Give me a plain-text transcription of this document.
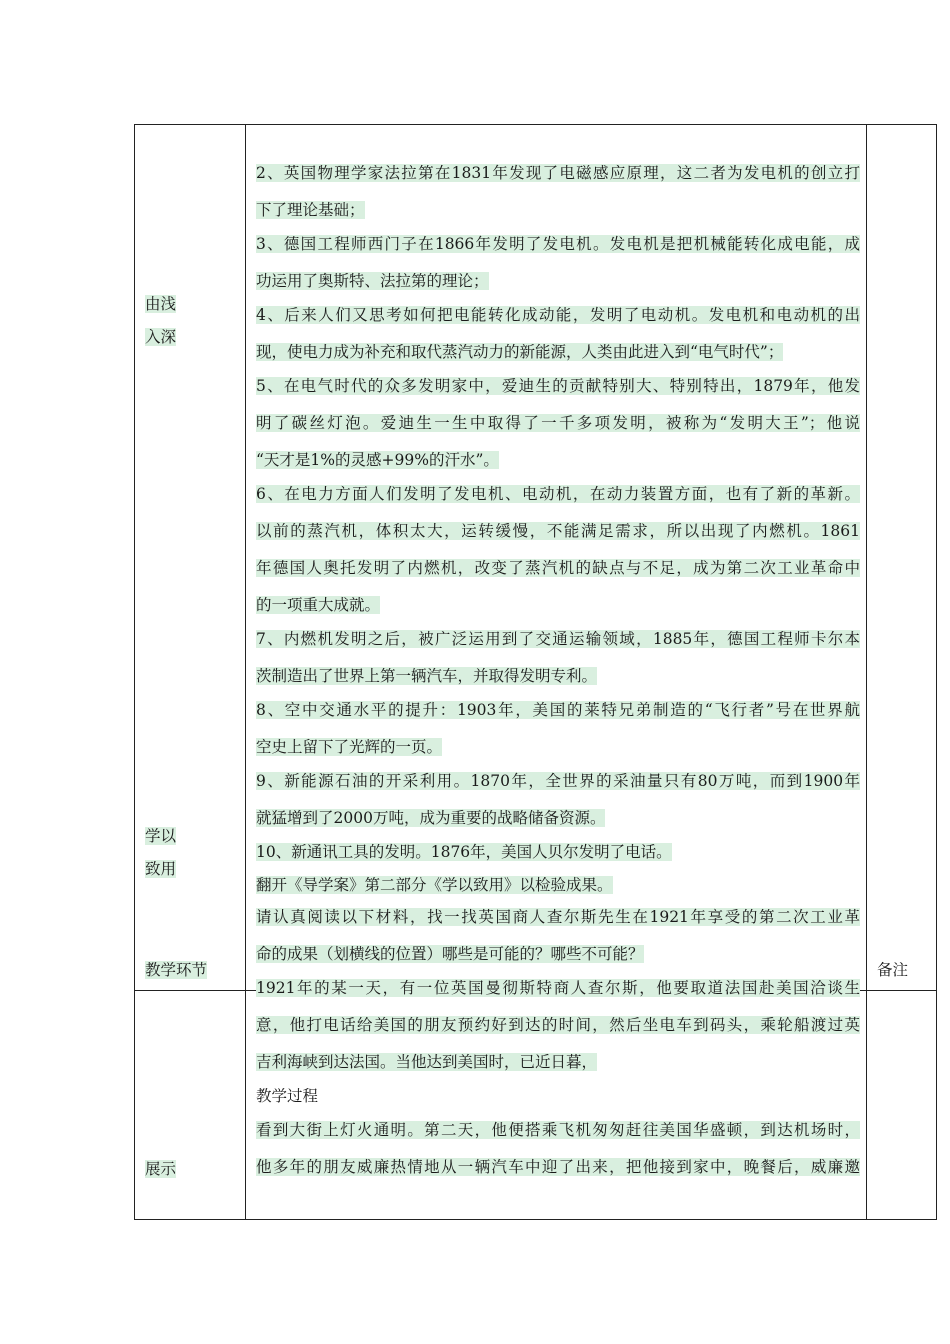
由浅
入深
学以
致用
教学环节
展示
备注
2、英国物理学家法拉第在1831年发现了电磁感应原理，这二者为发电机的创立打
下了理论基础；
3、德国工程师西门子在1866年发明了发电机。发电机是把机械能转化成电能，成
功运用了奥斯特、法拉第的理论；
4、后来人们又思考如何把电能转化成动能，发明了电动机。发电机和电动机的出
现，使电力成为补充和取代蒸汽动力的新能源，人类由此进入到“电气时代”；
5、在电气时代的众多发明家中，爱迪生的贡献特别大、特别特出，1879年，他发
明了碳丝灯泡。爱迪生一生中取得了一千多项发明，被称为“发明大王”；他说
“天才是1%的灵感+99%的汗水”。
6、在电力方面人们发明了发电机、电动机，在动力装置方面，也有了新的革新。
以前的蒸汽机，体积太大，运转缓慢，不能满足需求，所以出现了内燃机。1861
年德国人奥托发明了内燃机，改变了蒸汽机的缺点与不足，成为第二次工业革命中
的一项重大成就。
7、内燃机发明之后，被广泛运用到了交通运输领域，1885年，德国工程师卡尔本
茨制造出了世界上第一辆汽车，并取得发明专利。
8、空中交通水平的提升：1903年，美国的莱特兄弟制造的“飞行者”号在世界航
空史上留下了光辉的一页。
9、新能源石油的开采利用。1870年，全世界的采油量只有80万吨，而到1900年
就猛增到了2000万吨，成为重要的战略储备资源。
10、新通讯工具的发明。1876年，美国人贝尔发明了电话。
翻开《导学案》第二部分《学以致用》以检验成果。
请认真阅读以下材料，找一找英国商人查尔斯先生在1921年享受的第二次工业革
命的成果（划横线的位置）哪些是可能的？哪些不可能？
1921年的某一天，有一位英国曼彻斯特商人查尔斯，他要取道法国赴美国洽谈生
意，他打电话给美国的朋友预约好到达的时间，然后坐电车到码头，乘轮船渡过英
吉利海峡到达法国。当他达到美国时，已近日暮，
教学过程
看到大街上灯火通明。第二天，他便搭乘飞机匆匆赶往美国华盛顿，到达机场时，
他多年的朋友威廉热情地从一辆汽车中迎了出来，把他接到家中，晚餐后，威廉邀
